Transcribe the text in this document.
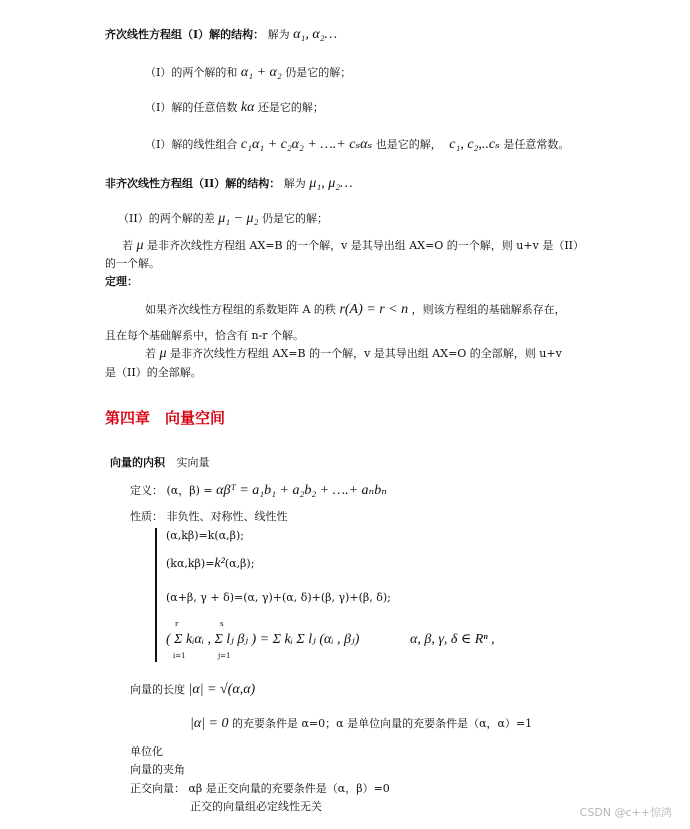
齐次线性方程组（I）解的结构： 解为 α₁, α₂…
（I）的两个解的和 α₁ + α₂ 仍是它的解；
（I）解的任意倍数 kα 还是它的解；
（I）解的线性组合 c₁α₁ + c₂α₂ + ….+ cₛαₛ 也是它的解， c₁, c₂,..cₛ 是任意常数。
非齐次线性方程组（II）解的结构： 解为 μ₁, μ₂…
（II）的两个解的差 μ₁ − μ₂ 仍是它的解；
若 μ 是非齐次线性方程组 AX=B 的一个解，v 是其导出组 AX=O 的一个解，则 u+v 是（II）
的一个解。
定理：
如果齐次线性方程组的系数矩阵 A 的秩 r(A) = r < n ，则该方程组的基础解系存在，
且在每个基础解系中，恰含有 n-r 个解。
若 μ 是非齐次线性方程组 AX=B 的一个解，v 是其导出组 AX=O 的全部解，则 u+v
是（II）的全部解。
第四章　向量空间
向量的内积 实向量
定义： (α，β) = αβᵀ = a₁b₁ + a₂b₂ + ….+ aₙbₙ
性质： 非负性、对称性、线性性
(α,kβ)=k(α,β);
(kα,kβ)=k²(α,β);
(α+β, γ + δ)=(α, γ)+(α, δ)+(β, γ)+(β, δ);
( Σ kᵢαᵢ , Σ lⱼ βⱼ ) = Σ kᵢ Σ lⱼ (αᵢ , βⱼ)
r
i=1
s
j=1
α, β, γ, δ ∈ Rⁿ ,
向量的长度 |α| = √(α,α)
|α| = 0 的充要条件是 α=0；α 是单位向量的充要条件是（α，α）=1
单位化
向量的夹角
正交向量： αβ 是正交向量的充要条件是（α，β）=0
正交的向量组必定线性无关	CSDN @c++惊鸿
